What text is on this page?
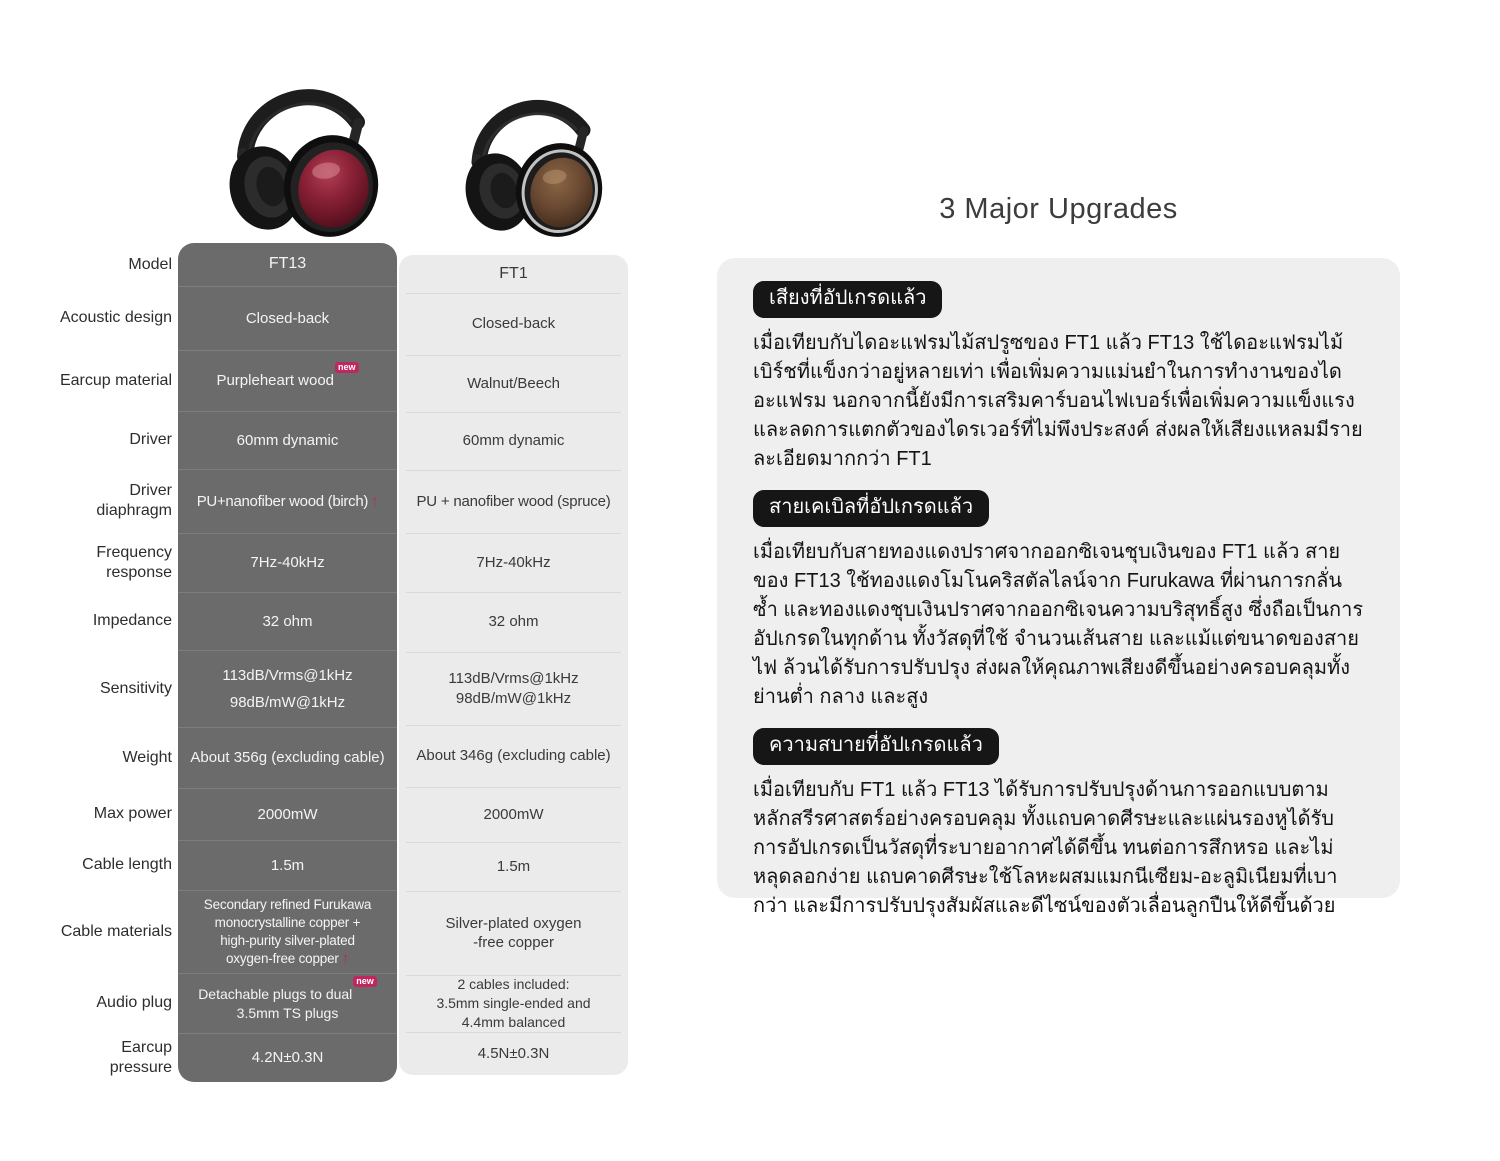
Model
Acoustic design
Earcup material
Driver
Driver diaphragm
Frequency response
Impedance
Sensitivity
Weight
Max power
Cable length
Cable materials
Audio plug
Earcup pressure
FT13
Closed-back
Purpleheart wood$^{new}$
60mm dynamic
PU+nanofiber wood (birch) ↑
7Hz-40kHz
32 ohm
113dB/Vrms@1kHz
98dB/mW@1kHz
About 356g (excluding cable)
2000mW
1.5m
Secondary refined Furukawa
monocrystalline copper +
high-purity silver-plated
oxygen-free copper ↑
Detachable plugs to dual$^{new}$
3.5mm TS plugs
4.2N±0.3N
FT1
Closed-back
Walnut/Beech
60mm dynamic
PU + nanofiber wood (spruce)
7Hz-40kHz
32 ohm
113dB/Vrms@1kHz
98dB/mW@1kHz
About 346g (excluding cable)
2000mW
1.5m
Silver-plated oxygen
-free copper
2 cables included:
3.5mm single-ended and
4.4mm balanced
4.5N±0.3N
3 Major Upgrades
เสียงที่อัปเกรดแล้ว

เมื่อเทียบกับไดอะแฟรมไม้สปรูซของ FT1 แล้ว FT13 ใช้ไดอะแฟรมไม้เบิร์ชที่แข็งกว่าอยู่หลายเท่า เพื่อเพิ่มความแม่นยำในการทำงานของไดอะแฟรม นอกจากนี้ยังมีการเสริมคาร์บอนไฟเบอร์เพื่อเพิ่มความแข็งแรงและลดการแตกตัวของไดรเวอร์ที่ไม่พึงประสงค์ ส่งผลให้เสียงแหลมมีรายละเอียดมากกว่า FT1

สายเคเบิลที่อัปเกรดแล้ว

เมื่อเทียบกับสายทองแดงปราศจากออกซิเจนชุบเงินของ FT1 แล้ว สายของ FT13 ใช้ทองแดงโมโนคริสตัลไลน์จาก Furukawa ที่ผ่านการกลั่นซ้ำ และทองแดงชุบเงินปราศจากออกซิเจนความบริสุทธิ์สูง ซึ่งถือเป็นการอัปเกรดในทุกด้าน ทั้งวัสดุที่ใช้ จำนวนเส้นสาย และแม้แต่ขนาดของสายไฟ ล้วนได้รับการปรับปรุง ส่งผลให้คุณภาพเสียงดีขึ้นอย่างครอบคลุมทั้งย่านต่ำ กลาง และสูง

ความสบายที่อัปเกรดแล้ว

เมื่อเทียบกับ FT1 แล้ว FT13 ได้รับการปรับปรุงด้านการออกแบบตามหลักสรีรศาสตร์อย่างครอบคลุม ทั้งแถบคาดศีรษะและแผ่นรองหูได้รับการอัปเกรดเป็นวัสดุที่ระบายอากาศได้ดีขึ้น ทนต่อการสึกหรอ และไม่หลุดลอกง่าย แถบคาดศีรษะใช้โลหะผสมแมกนีเซียม-อะลูมิเนียมที่เบากว่า และมีการปรับปรุงสัมผัสและดีไซน์ของตัวเลื่อนลูกปืนให้ดีขึ้นด้วย
